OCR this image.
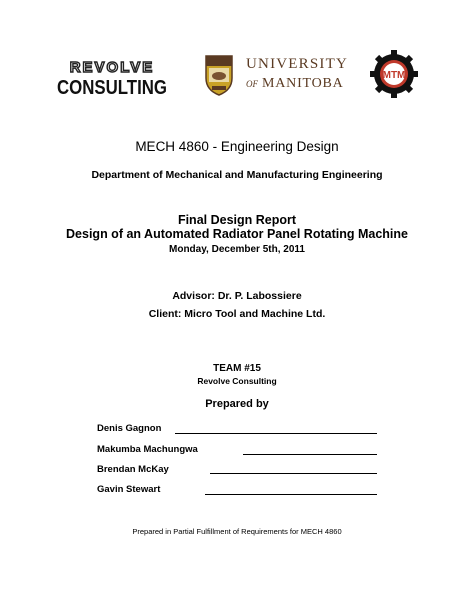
REVOLVE
CONSULTING
UNIVERSITY
OF MANITOBA
MTM
MECH 4860 - Engineering Design
Department of Mechanical and Manufacturing Engineering
Final Design Report
Design of an Automated Radiator Panel Rotating Machine
Monday, December 5th, 2011
Advisor: Dr. P. Labossiere
Client: Micro Tool and Machine Ltd.
TEAM #15
Revolve Consulting
Prepared by
Denis Gagnon
Makumba Machungwa
Brendan McKay
Gavin Stewart
Prepared in Partial Fulfillment of Requirements for MECH 4860
